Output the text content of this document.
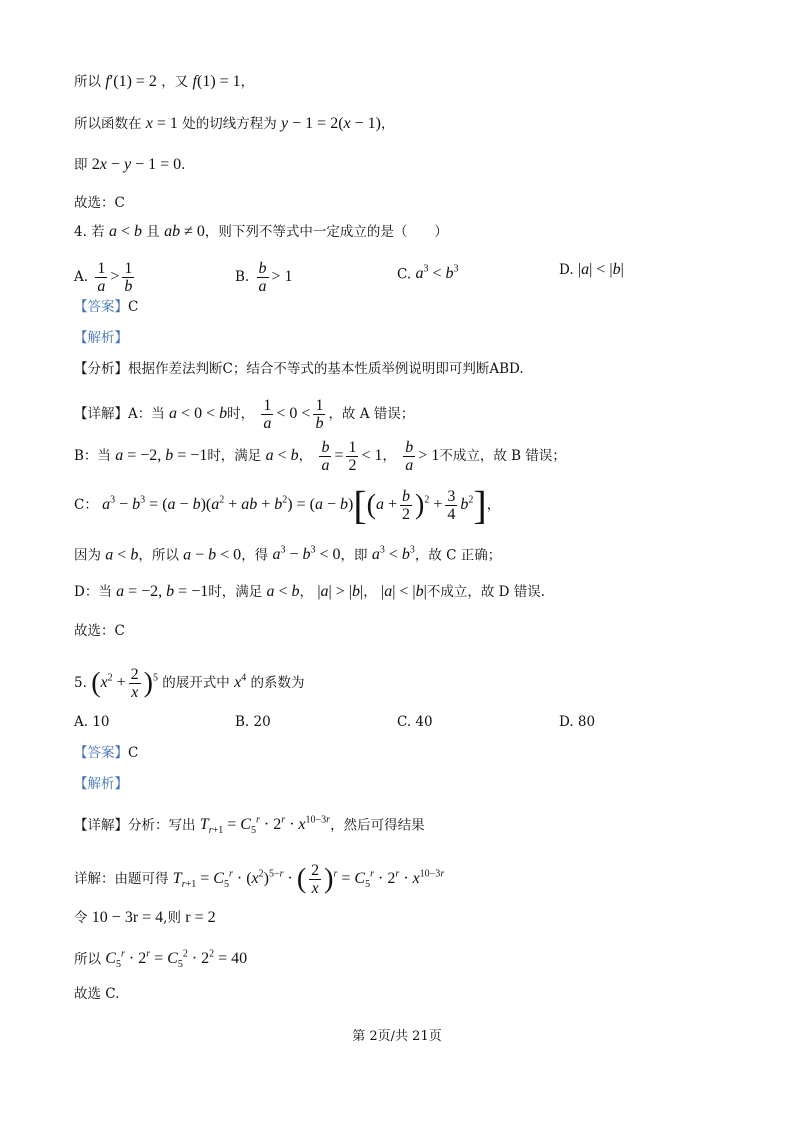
所以 f′(1) = 2 ，又 f(1) = 1，
所以函数在 x = 1 处的切线方程为 y − 1 = 2(x − 1)，
即 2x − y − 1 = 0.
故选：C
4. 若 a < b 且 ab ≠ 0，则下列不等式中一定成立的是（　　）
A. $\frac{1}{a} > \frac{1}{b}$	B. $\frac{b}{a} > 1$	C. $a^3 < b^3$	D. |a| < |b|
【答案】C
【解析】
【分析】根据作差法判断C；结合不等式的基本性质举例说明即可判断ABD.
【详解】A：当 a < 0 < b时， $\frac{1}{a} < 0 < \frac{1}{b}$ ，故 A 错误；
B：当 a = −2, b = −1时，满足 a < b， $\frac{b}{a} = \frac{1}{2} < 1$， $\frac{b}{a} > 1$不成立，故 B 错误；
C： $a^3 - b^3 = (a - b)(a^2$ + ab + $b^2) = (a - b)[(a + \frac{b}{2} )^2 + \frac{3}{4} b^2]$，
因为 a < b，所以 a − b < 0，得 $a^3 - b^3 < 0$，即 $a^3 < b^3$，故 C 正确；
D：当 a = −2, b = −1时，满足 a < b， |a| > |b|， |a| < |b|不成立，故 D 错误.
故选：C
5. $(x^2 + \frac{2}{x} )^5$ 的展开式中 $x^4$ 的系数为
A. 10	B. 20	C. 40	D. 80
【答案】C
【解析】
【详解】分析：写出 $T_{r+1} = C_5^r \cdot 2^r \cdot x^{10-3r}$，然后可得结果
详解：由题可得 $T_{r+1} = C_5^r \cdot (x^2)^{5-r}$ · ( $\frac{2}{x} )^r = C_5^r \cdot 2^r \cdot x^{10-3r}$
令 10 − 3r = 4,则 r = 2
所以 $C_5^r \cdot 2^r = C_5^2 \cdot 2^2 = 40$
故选 C.
第 2页/共 21页
